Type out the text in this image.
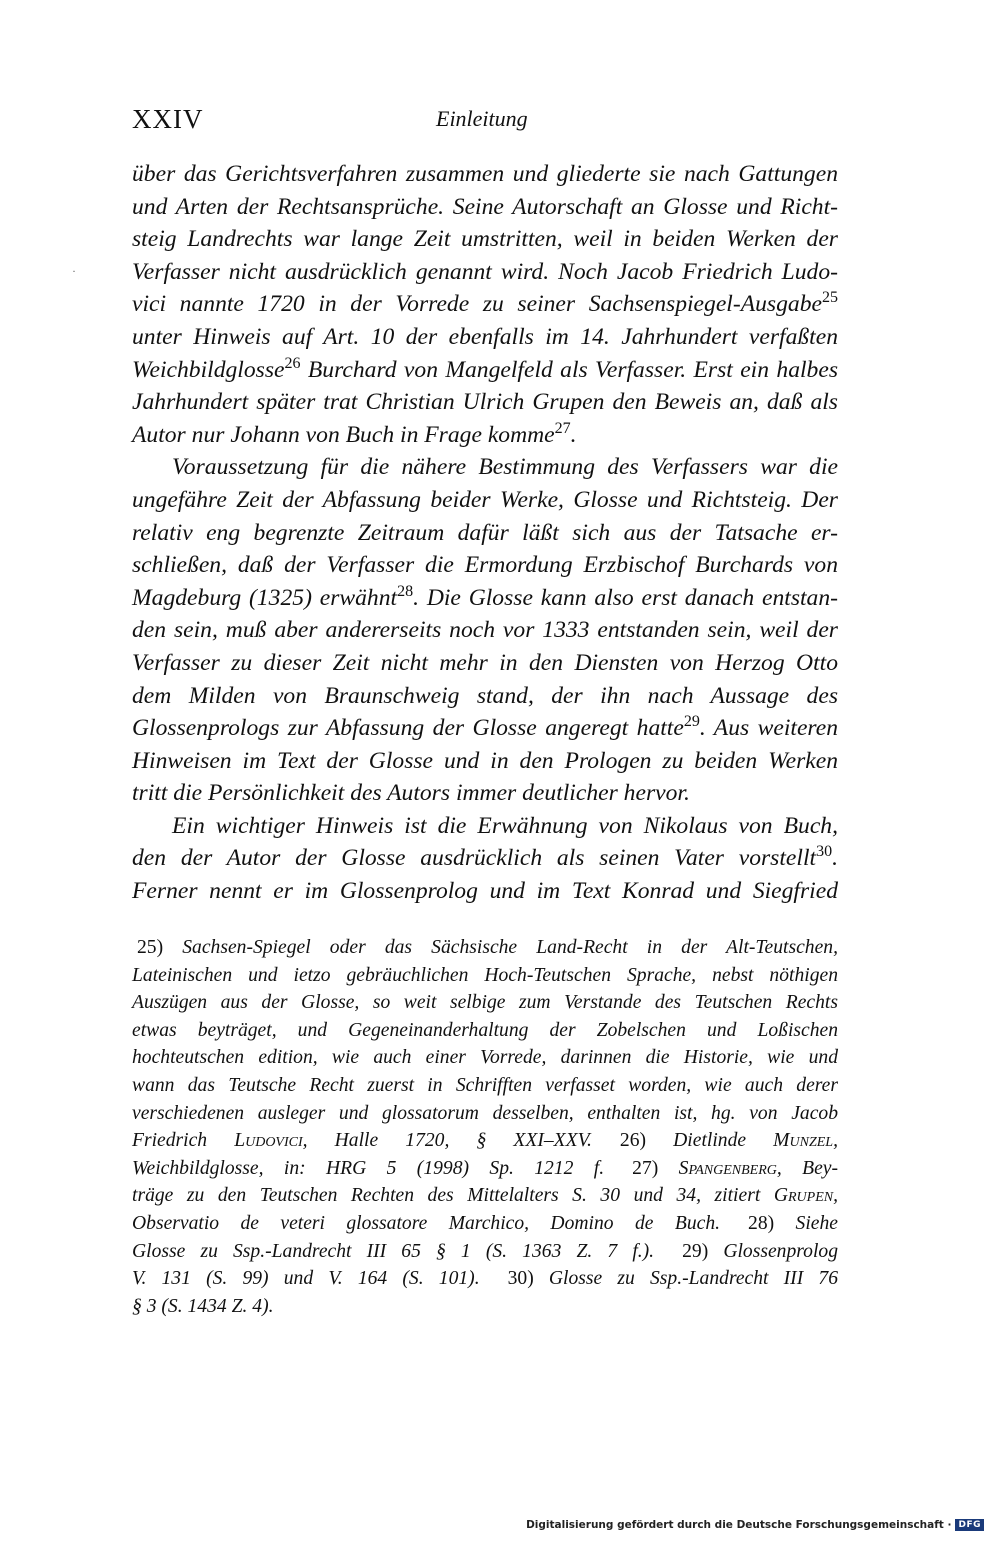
XXIV	Einleitung
·
über das Gerichtsverfahren zusammen und gliederte sie nach Gattungen
und Arten der Rechtsansprüche. Seine Autorschaft an Glosse und Richt-
steig Landrechts war lange Zeit umstritten, weil in beiden Werken der
Verfasser nicht ausdrücklich genannt wird. Noch Jacob Friedrich Ludo-
vici nannte 1720 in der Vorrede zu seiner Sachsenspiegel-Ausgabe$^{25}$
unter Hinweis auf Art. 10 der ebenfalls im 14. Jahrhundert verfaßten
Weichbildglosse$^{26}$ Burchard von Mangelfeld als Verfasser. Erst ein halbes
Jahrhundert später trat Christian Ulrich Grupen den Beweis an, daß als
Autor nur Johann von Buch in Frage komme$^{27}$.
Voraussetzung für die nähere Bestimmung des Verfassers war die
ungefähre Zeit der Abfassung beider Werke, Glosse und Richtsteig. Der
relativ eng begrenzte Zeitraum dafür läßt sich aus der Tatsache er-
schließen, daß der Verfasser die Ermordung Erzbischof Burchards von
Magdeburg (1325) erwähnt$^{28}$. Die Glosse kann also erst danach entstan-
den sein, muß aber andererseits noch vor 1333 entstanden sein, weil der
Verfasser zu dieser Zeit nicht mehr in den Diensten von Herzog Otto
dem Milden von Braunschweig stand, der ihn nach Aussage des
Glossenprologs zur Abfassung der Glosse angeregt hatte$^{29}$. Aus weiteren
Hinweisen im Text der Glosse und in den Prologen zu beiden Werken
tritt die Persönlichkeit des Autors immer deutlicher hervor.
Ein wichtiger Hinweis ist die Erwähnung von Nikolaus von Buch,
den der Autor der Glosse ausdrücklich als seinen Vater vorstellt$^{30}$.
Ferner nennt er im Glossenprolog und im Text Konrad und Siegfried
25) Sachsen-Spiegel oder das Sächsische Land-Recht in der Alt-Teutschen,
Lateinischen und ietzo gebräuchlichen Hoch-Teutschen Sprache, nebst nöthigen
Auszügen aus der Glosse, so weit selbige zum Verstande des Teutschen Rechts
etwas beyträget, und Gegeneinanderhaltung der Zobelschen und Loßischen
hochteutschen edition, wie auch einer Vorrede, darinnen die Historie, wie und
wann das Teutsche Recht zuerst in Schrifften verfasset worden, wie auch derer
verschiedenen ausleger und glossatorum desselben, enthalten ist, hg. von Jacob
Friedrich Ludovici, Halle 1720, § XXI–XXV. 26) Dietlinde Munzel,
Weichbildglosse, in: HRG 5 (1998) Sp. 1212 f. 27) Spangenberg, Bey-
träge zu den Teutschen Rechten des Mittelalters S. 30 und 34, zitiert Grupen,
Observatio de veteri glossatore Marchico, Domino de Buch. 28) Siehe
Glosse zu Ssp.-Landrecht III 65 § 1 (S. 1363 Z. 7 f.). 29) Glossenprolog
V. 131 (S. 99) und V. 164 (S. 101). 30) Glosse zu Ssp.-Landrecht III 76
§ 3 (S. 1434 Z. 4).
Digitalisierung gefördert durch die Deutsche Forschungsgemeinschaft · DFG
